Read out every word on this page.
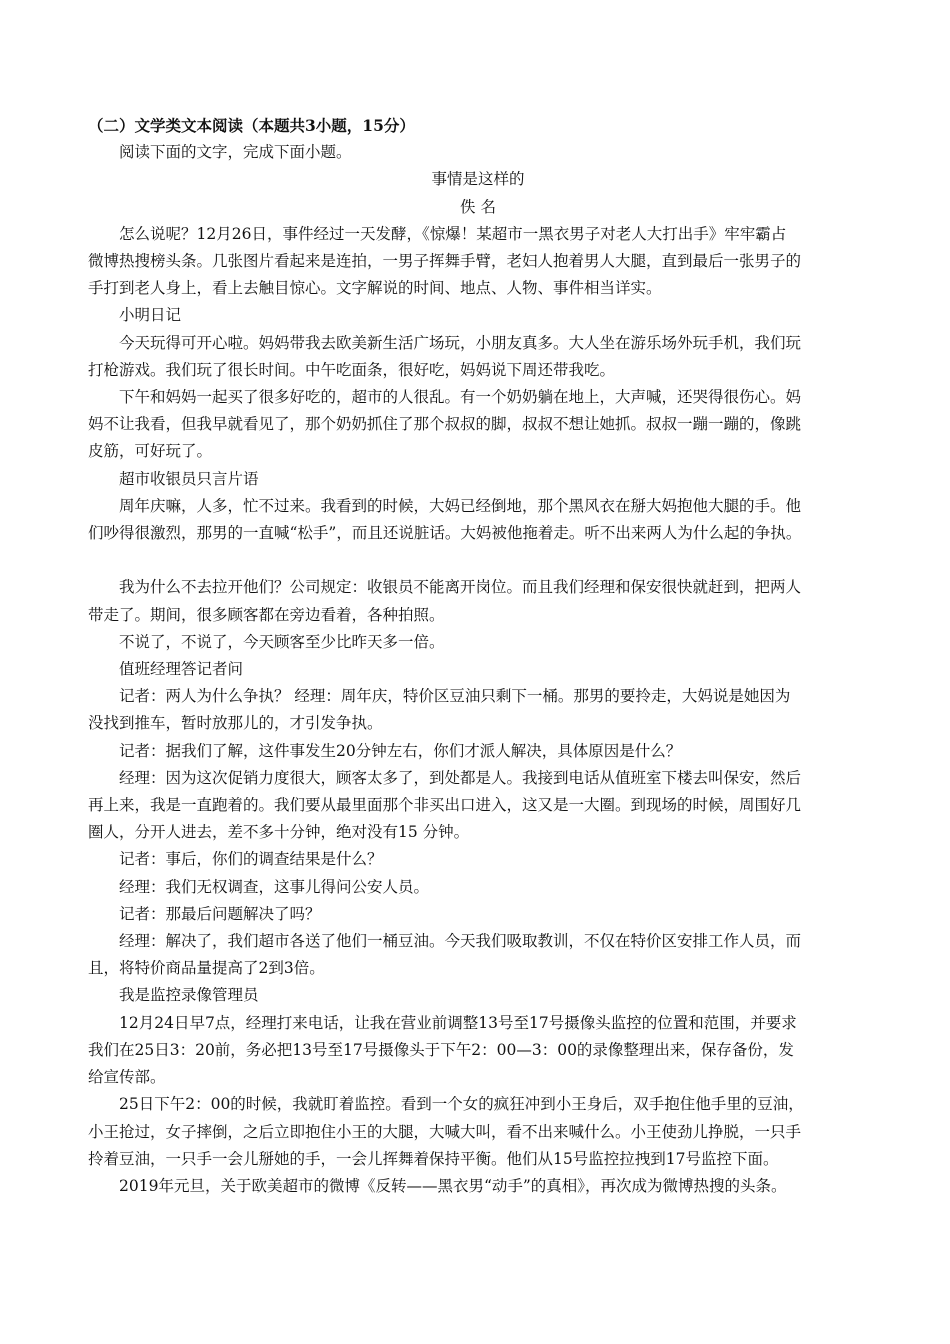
（二）文学类文本阅读（本题共3小题，15分）
阅读下面的文字，完成下面小题。
事情是这样的
佚 名
怎么说呢？12月26日，事件经过一天发酵，《惊爆！某超市一黑衣男子对老人大打出手》牢牢霸占
微博热搜榜头条。几张图片看起来是连拍，一男子挥舞手臂，老妇人抱着男人大腿，直到最后一张男子的
手打到老人身上，看上去触目惊心。文字解说的时间、地点、人物、事件相当详实。
小明日记
今天玩得可开心啦。妈妈带我去欧美新生活广场玩，小朋友真多。大人坐在游乐场外玩手机，我们玩
打枪游戏。我们玩了很长时间。中午吃面条，很好吃，妈妈说下周还带我吃。
下午和妈妈一起买了很多好吃的，超市的人很乱。有一个奶奶躺在地上，大声喊，还哭得很伤心。妈
妈不让我看，但我早就看见了，那个奶奶抓住了那个叔叔的脚，叔叔不想让她抓。叔叔一蹦一蹦的，像跳
皮筋，可好玩了。
超市收银员只言片语
周年庆嘛，人多，忙不过来。我看到的时候，大妈已经倒地，那个黑风衣在掰大妈抱他大腿的手。他
们吵得很激烈，那男的一直喊“松手”，而且还说脏话。大妈被他拖着走。听不出来两人为什么起的争执。
我为什么不去拉开他们？公司规定：收银员不能离开岗位。而且我们经理和保安很快就赶到，把两人
带走了。期间，很多顾客都在旁边看着，各种拍照。
不说了，不说了，今天顾客至少比昨天多一倍。
值班经理答记者问
记者：两人为什么争执？ 经理：周年庆，特价区豆油只剩下一桶。那男的要拎走，大妈说是她因为
没找到推车，暂时放那儿的，才引发争执。
记者：据我们了解，这件事发生20分钟左右，你们才派人解决，具体原因是什么？
经理：因为这次促销力度很大，顾客太多了，到处都是人。我接到电话从值班室下楼去叫保安，然后
再上来，我是一直跑着的。我们要从最里面那个非买出口进入，这又是一大圈。到现场的时候，周围好几
圈人，分开人进去，差不多十分钟，绝对没有15 分钟。
记者：事后，你们的调查结果是什么？
经理：我们无权调查，这事儿得问公安人员。
记者：那最后问题解决了吗？
经理：解决了，我们超市各送了他们一桶豆油。今天我们吸取教训，不仅在特价区安排工作人员，而
且，将特价商品量提高了2到3倍。
我是监控录像管理员
12月24日早7点，经理打来电话，让我在营业前调整13号至17号摄像头监控的位置和范围，并要求
我们在25日3：20前，务必把13号至17号摄像头于下午2：00—3：00的录像整理出来，保存备份，发
给宣传部。
25日下午2：00的时候，我就盯着监控。看到一个女的疯狂冲到小王身后，双手抱住他手里的豆油，
小王抢过，女子摔倒，之后立即抱住小王的大腿，大喊大叫，看不出来喊什么。小王使劲儿挣脱，一只手
拎着豆油，一只手一会儿掰她的手，一会儿挥舞着保持平衡。他们从15号监控拉拽到17号监控下面。
2019年元旦，关于欧美超市的微博《反转——黑衣男“动手”的真相》，再次成为微博热搜的头条。
